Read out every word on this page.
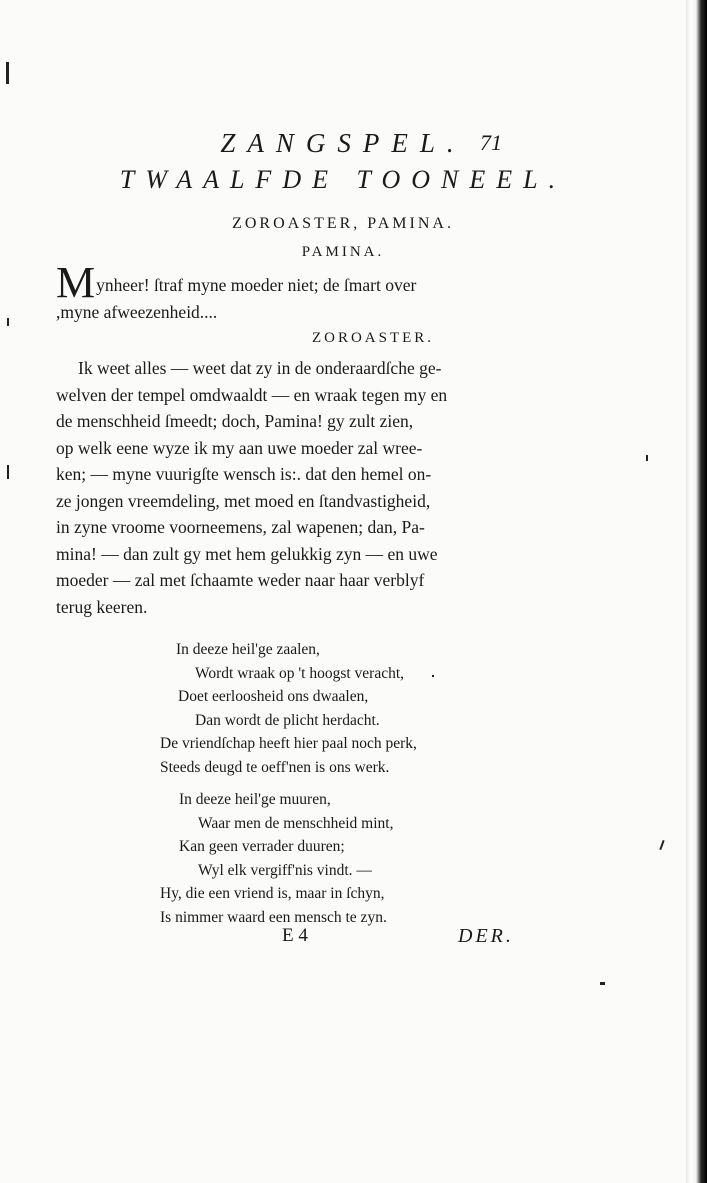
ZANGSPEL. 71
TWAALFDE TOONEEL.
ZOROASTER, PAMINA.
PAMINA.
Mynheer! ſtraf myne moeder niet; de ſmart over
,myne afweezenheid....
ZOROASTER.
Ik weet alles — weet dat zy in de onderaardſche ge-
welven der tempel omdwaaldt — en wraak tegen my en
de menschheid ſmeedt; doch, Pamina! gy zult zien,
op welk eene wyze ik my aan uwe moeder zal wree-
ken; — myne vuurigſte wensch is:. dat den hemel on-
ze jongen vreemdeling, met moed en ſtandvastigheid,
in zyne vroome voorneemens, zal wapenen; dan, Pa-
mina! — dan zult gy met hem gelukkig zyn — en uwe
moeder — zal met ſchaamte weder naar haar verblyf
terug keeren.
In deeze heil'ge zaalen,
Wordt wraak op 't hoogst veracht,
Doet eerloosheid ons dwaalen,
Dan wordt de plicht herdacht.
De vriendſchap heeft hier paal noch perk,
Steeds deugd te oeff'nen is ons werk.
In deeze heil'ge muuren,
Waar men de menschheid mint,
Kan geen verrader duuren;
Wyl elk vergiff'nis vindt. —
Hy, die een vriend is, maar in ſchyn,
Is nimmer waard een mensch te zyn.
E 4	DER.
